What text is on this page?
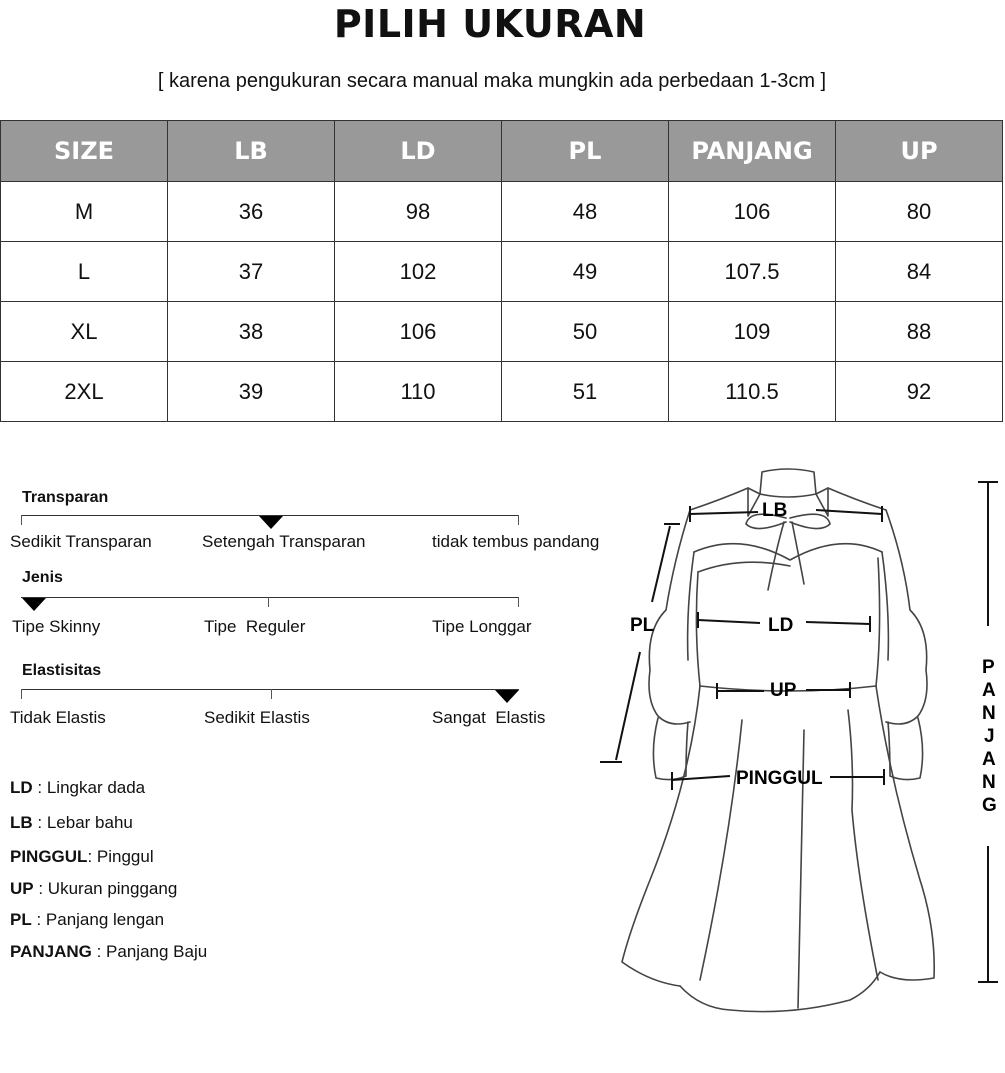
PILIH UKURAN
[ karena pengukuran secara manual maka mungkin ada perbedaan 1-3cm ]
SIZE	LB	LD	PL	PANJANG	UP
M	36	98	48	106	80
L	37	102	49	107.5	84
XL	38	106	50	109	88
2XL	39	110	51	110.5	92
Transparan
Sedikit Transparan	Setengah Transparan	tidak tembus pandang
Jenis
Tipe Skinny	Tipe  Reguler	Tipe Longgar
Elastisitas
Tidak Elastis	Sedikit Elastis	Sangat  Elastis
LD : Lingkar dada
LB : Lebar bahu
PINGGUL: Pinggul
UP : Ukuran pinggang
PL : Panjang lengan
PANJANG : Panjang Baju
LB
PL	LD
UP
PINGGUL
P
A
N
J
A
N
G
